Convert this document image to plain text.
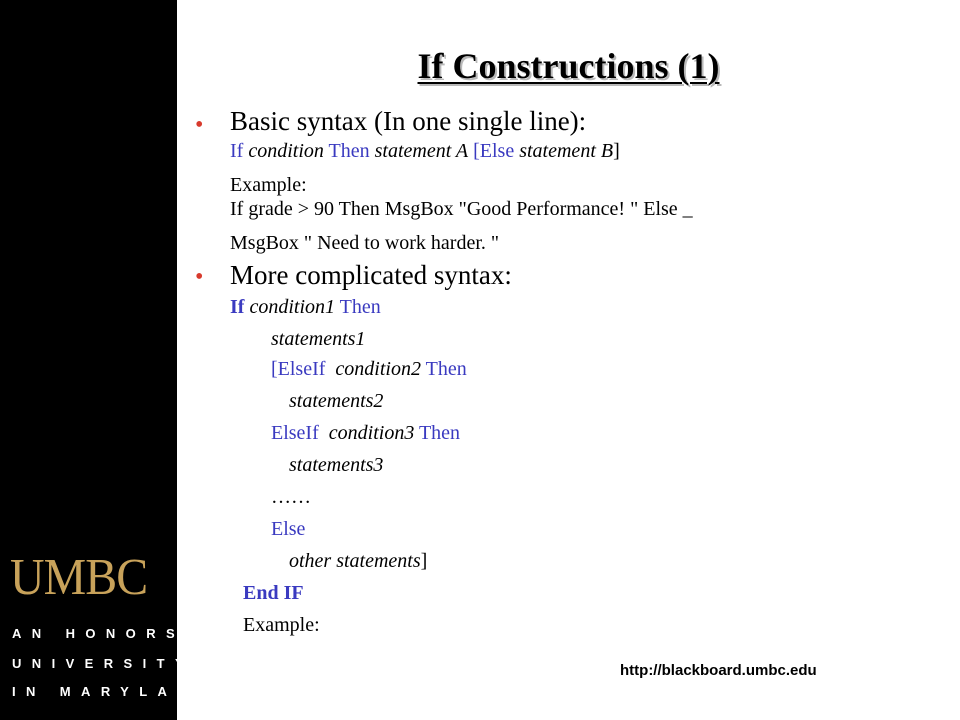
UMBC
AN HONORS
UNIVERSITY
IN MARYLAND
If Constructions (1)
• Basic syntax (In one single line):
If condition Then statement A [Else statement B]
Example:
If grade > 90 Then MsgBox "Good Performance! " Else _
MsgBox " Need to work harder. "
• More complicated syntax:
If condition1 Then
statements1
[ElseIf condition2 Then
statements2
ElseIf condition3 Then
statements3
……
Else
other statements]
End IF
Example:
http://blackboard.umbc.edu
